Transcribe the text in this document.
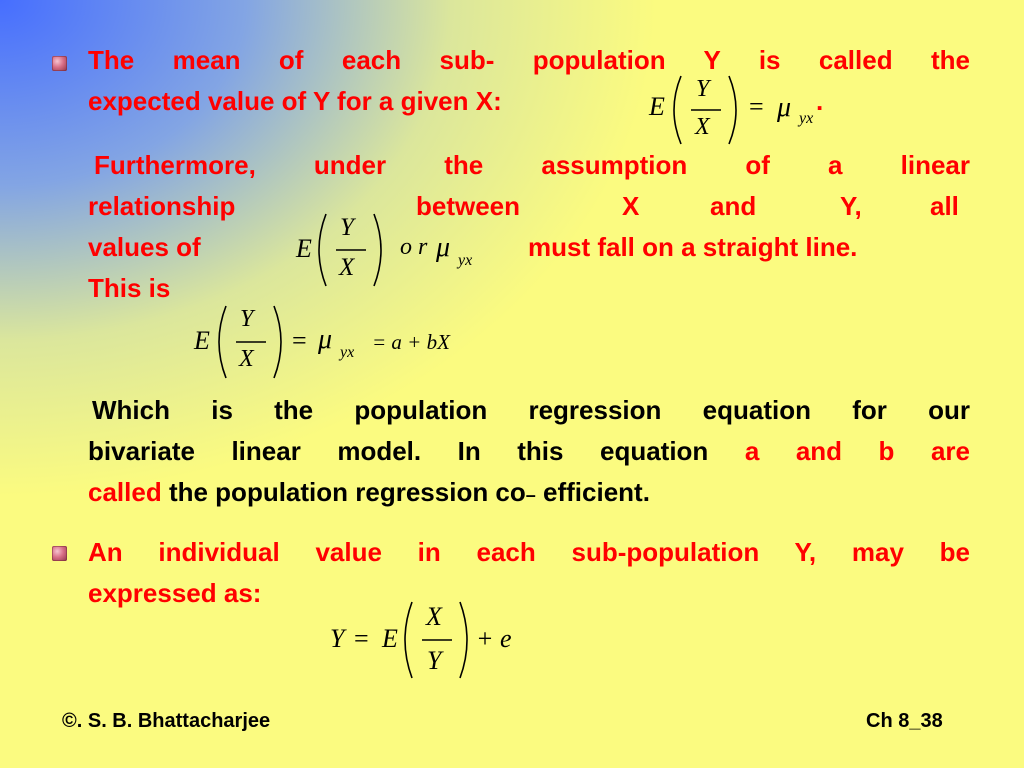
The mean of each sub- population Y is called the

expected value of Y for a given X:	E
Y
X
= μ yx
.

Furthermore, under the assumption of a linear

relationship	between	X	and	Y,	all
values of	must fall on a straight line.
This is
E
Y
X
o r μ yx
E
Y
X
= μ yx = a + bX

Which is the population regression equation for our

bivariate linear model. In this equation a and b are

called the population regression co– efficient.

An individual value in each sub-population Y, may be

expressed as:

Y = E
X
Y
+ e
©. S. B. Bhattacharjee	Ch 8_38
